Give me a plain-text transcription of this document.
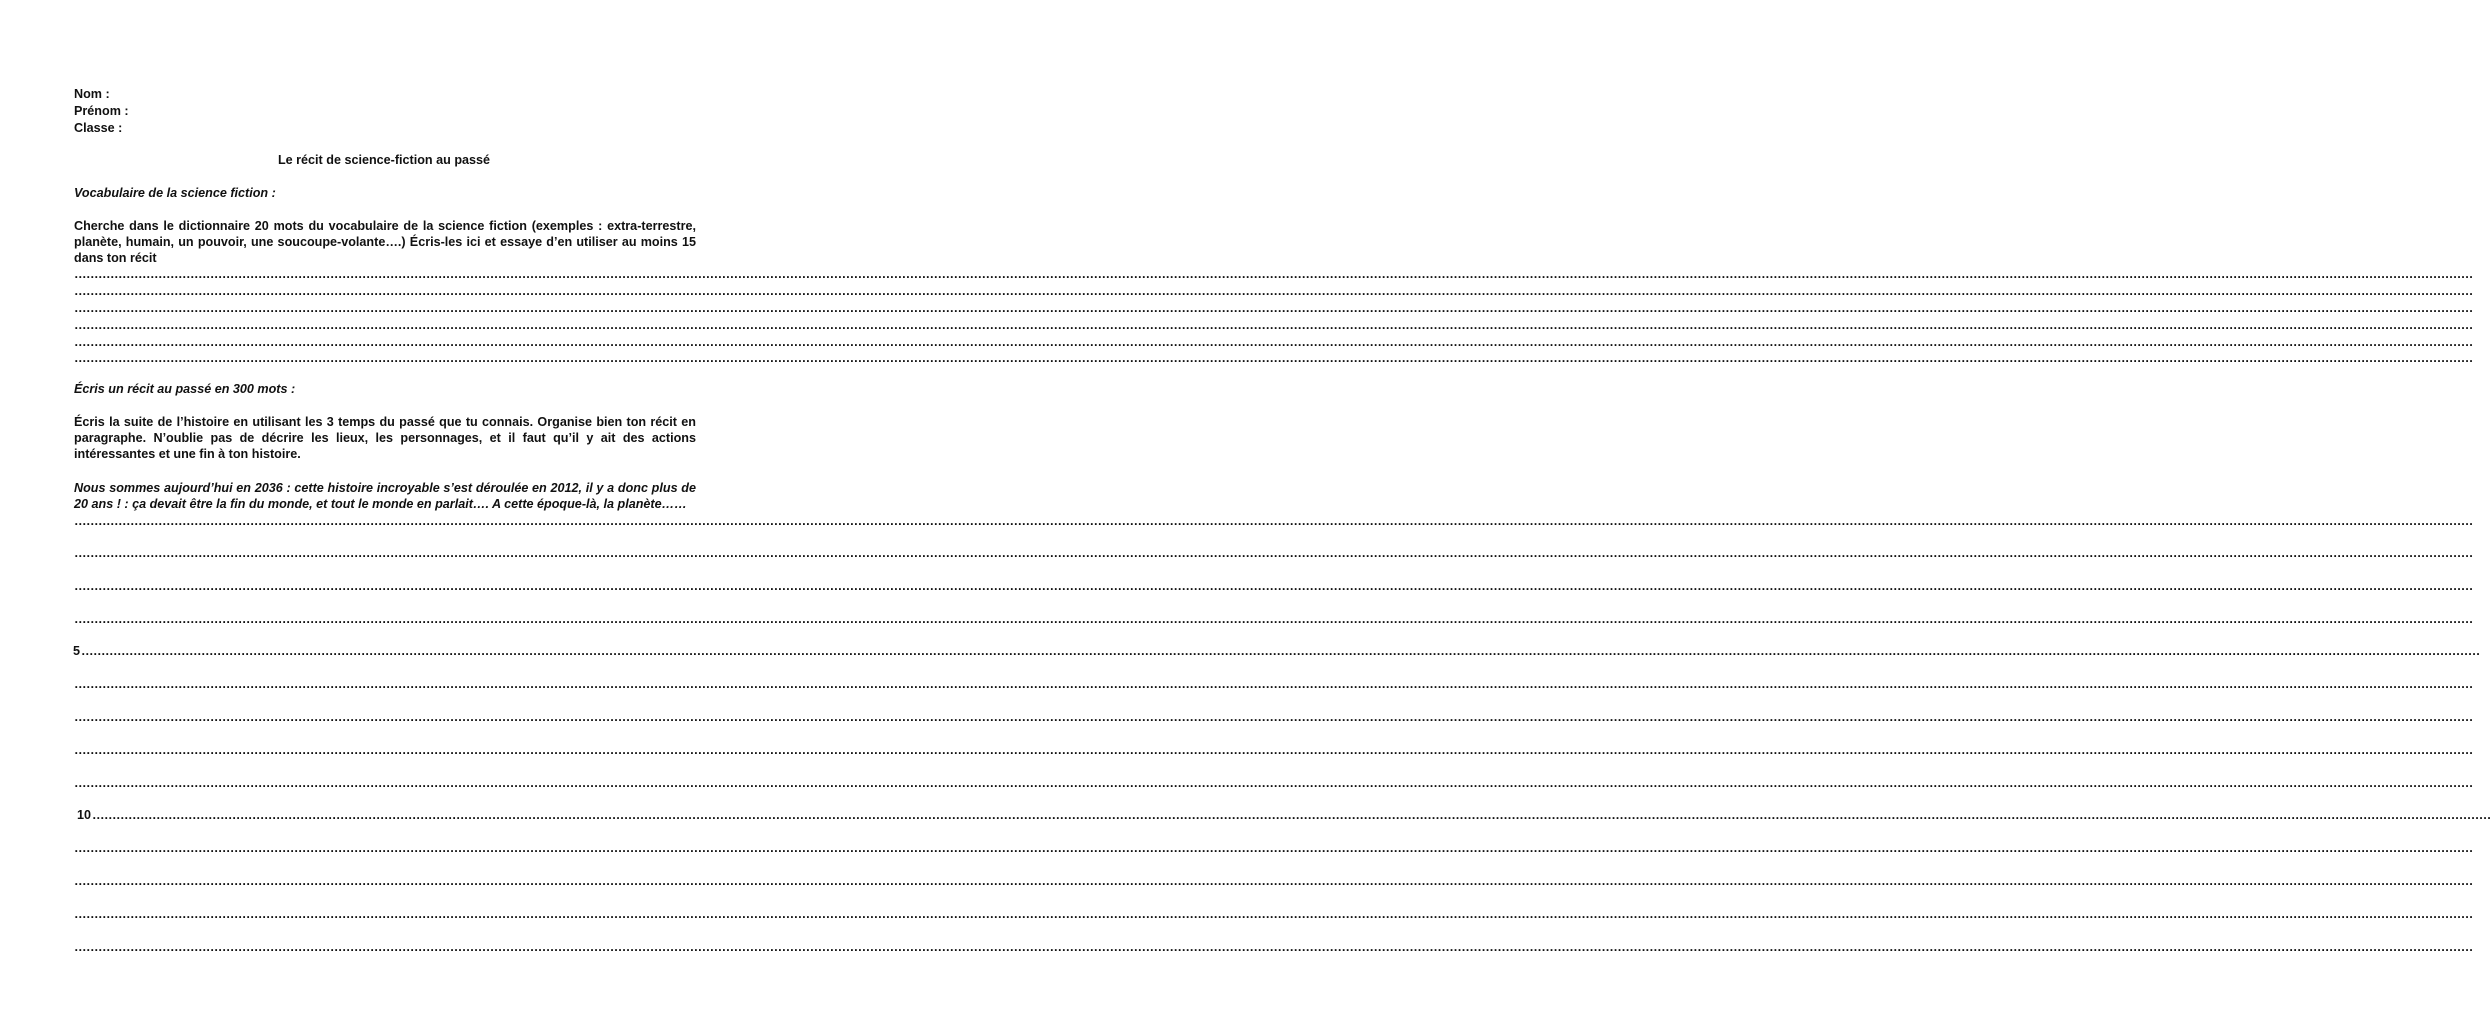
Nom :

Prénom :

Classe :

Le récit de science-fiction au passé

Vocabulaire de la science fiction :

Cherche dans le dictionnaire 20 mots du vocabulaire de la science fiction (exemples : extra-terrestre, planète, humain, un pouvoir, une soucoupe-volante….) Écris-les ici et essaye d’en utiliser au moins 15 dans ton récit

……………………………………………………………………………………………………………………………………………………………………………………………………………………………………………………………………………………………………………………………………………………………………………………………………………………………………………………………………………………………………………………………………………………
……………………………………………………………………………………………………………………………………………………………………………………………………………………………………………………………………………………………………………………………………………………………………………………………………………………………………………………………………………………………………………………………………………………
……………………………………………………………………………………………………………………………………………………………………………………………………………………………………………………………………………………………………………………………………………………………………………………………………………………………………………………………………………………………………………………………………………………
……………………………………………………………………………………………………………………………………………………………………………………………………………………………………………………………………………………………………………………………………………………………………………………………………………………………………………………………………………………………………………………………………………………
……………………………………………………………………………………………………………………………………………………………………………………………………………………………………………………………………………………………………………………………………………………………………………………………………………………………………………………………………………………………………………………………………………………
……………………………………………………………………………………………………………………………………………………………………………………………………………………………………………………………………………………………………………………………………………………………………………………………………………………………………………………………………………………………………………………………………………………

Écris un récit au passé en 300 mots :

Écris la suite de l’histoire en utilisant les 3 temps du passé que tu connais. Organise bien ton récit en paragraphe. N’oublie pas de décrire les lieux, les personnages, et il faut qu’il y ait des actions intéressantes et une fin à ton histoire.

Nous sommes aujourd’hui en 2036 : cette histoire incroyable s’est déroulée en 2012, il y a donc plus de 20 ans ! : ça devait être la fin du monde, et tout le monde en parlait…. A cette époque-là, la planète……

……………………………………………………………………………………………………………………………………………………………………………………………………………………………………………………………………………………………………………………………………………………………………………………………………………………………………………………………………………………………………………………………………………………
……………………………………………………………………………………………………………………………………………………………………………………………………………………………………………………………………………………………………………………………………………………………………………………………………………………………………………………………………………………………………………………………………………………
……………………………………………………………………………………………………………………………………………………………………………………………………………………………………………………………………………………………………………………………………………………………………………………………………………………………………………………………………………………………………………………………………………………
……………………………………………………………………………………………………………………………………………………………………………………………………………………………………………………………………………………………………………………………………………………………………………………………………………………………………………………………………………………………………………………………………………………
5 ……………………………………………………………………………………………………………………………………………………………………………………………………………………………………………………………………………………………………………………………………………………………………………………………………………………………………………………………………………………………………………………………………………………
……………………………………………………………………………………………………………………………………………………………………………………………………………………………………………………………………………………………………………………………………………………………………………………………………………………………………………………………………………………………………………………………………………………
……………………………………………………………………………………………………………………………………………………………………………………………………………………………………………………………………………………………………………………………………………………………………………………………………………………………………………………………………………………………………………………………………………………
……………………………………………………………………………………………………………………………………………………………………………………………………………………………………………………………………………………………………………………………………………………………………………………………………………………………………………………………………………………………………………………………………………………
……………………………………………………………………………………………………………………………………………………………………………………………………………………………………………………………………………………………………………………………………………………………………………………………………………………………………………………………………………………………………………………………………………………
10 ……………………………………………………………………………………………………………………………………………………………………………………………………………………………………………………………………………………………………………………………………………………………………………………………………………………………………………………………………………………………………………………………………………………
……………………………………………………………………………………………………………………………………………………………………………………………………………………………………………………………………………………………………………………………………………………………………………………………………………………………………………………………………………………………………………………………………………………
……………………………………………………………………………………………………………………………………………………………………………………………………………………………………………………………………………………………………………………………………………………………………………………………………………………………………………………………………………………………………………………………………………………
……………………………………………………………………………………………………………………………………………………………………………………………………………………………………………………………………………………………………………………………………………………………………………………………………………………………………………………………………………………………………………………………………………………
……………………………………………………………………………………………………………………………………………………………………………………………………………………………………………………………………………………………………………………………………………………………………………………………………………………………………………………………………………………………………………………………………………………
